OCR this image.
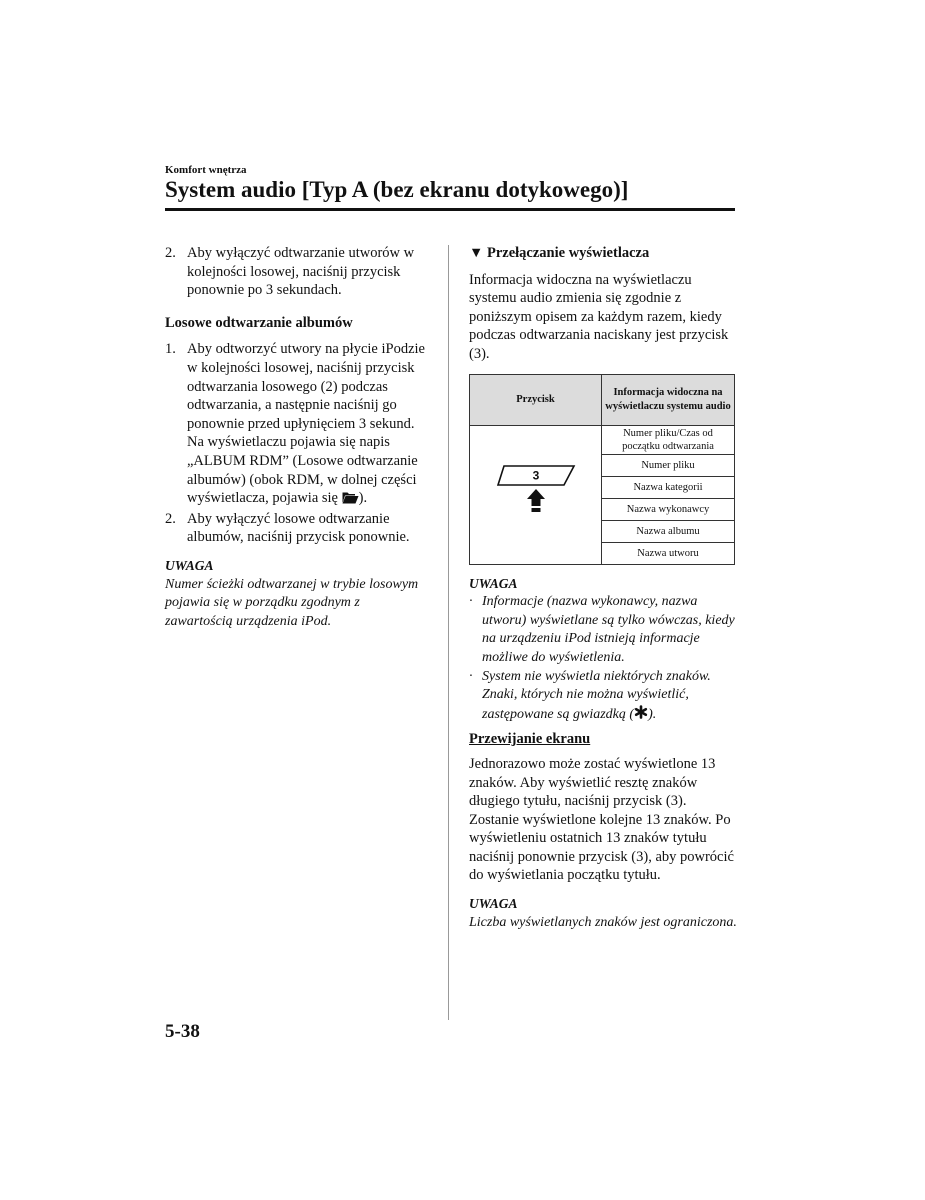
Komfort wnętrza
System audio [Typ A (bez ekranu dotykowego)]
2. Aby wyłączyć odtwarzanie utworów w kolejności losowej, naciśnij przycisk ponownie po 3 sekundach.
Losowe odtwarzanie albumów
1. Aby odtworzyć utwory na płycie iPodzie w kolejności losowej, naciśnij przycisk odtwarzania losowego (2) podczas odtwarzania, a następnie naciśnij go ponownie przed upłynięciem 3 sekund. Na wyświetlaczu pojawia się napis „ALBUM RDM” (Losowe odtwarzanie albumów) (obok RDM, w dolnej części wyświetlacza, pojawia się ).
2. Aby wyłączyć losowe odtwarzanie albumów, naciśnij przycisk ponownie.
UWAGA
Numer ścieżki odtwarzanej w trybie losowym pojawia się w porządku zgodnym z zawartością urządzenia iPod.
▼ Przełączanie wyświetlacza
Informacja widoczna na wyświetlaczu systemu audio zmienia się zgodnie z poniższym opisem za każdym razem, kiedy podczas odtwarzania naciskany jest przycisk (3).
Przycisk	Informacja widoczna na wyświetlaczu systemu audio

3	Numer pliku/Czas od początku odtwarzania
	Numer pliku
	Nazwa kategorii
	Nazwa wykonawcy
	Nazwa albumu
	Nazwa utworu
UWAGA
· Informacje (nazwa wykonawcy, nazwa utworu) wyświetlane są tylko wówczas, kiedy na urządzeniu iPod istnieją informacje możliwe do wyświetlenia.
· System nie wyświetla niektórych znaków. Znaki, których nie można wyświetlić, zastępowane są gwiazdką ( ).
Przewijanie ekranu
Jednorazowo może zostać wyświetlone 13 znaków. Aby wyświetlić resztę znaków długiego tytułu, naciśnij przycisk (3). Zostanie wyświetlone kolejne 13 znaków. Po wyświetleniu ostatnich 13 znaków tytułu naciśnij ponownie przycisk (3), aby powrócić do wyświetlania początku tytułu.
UWAGA
Liczba wyświetlanych znaków jest ograniczona.
5-38
